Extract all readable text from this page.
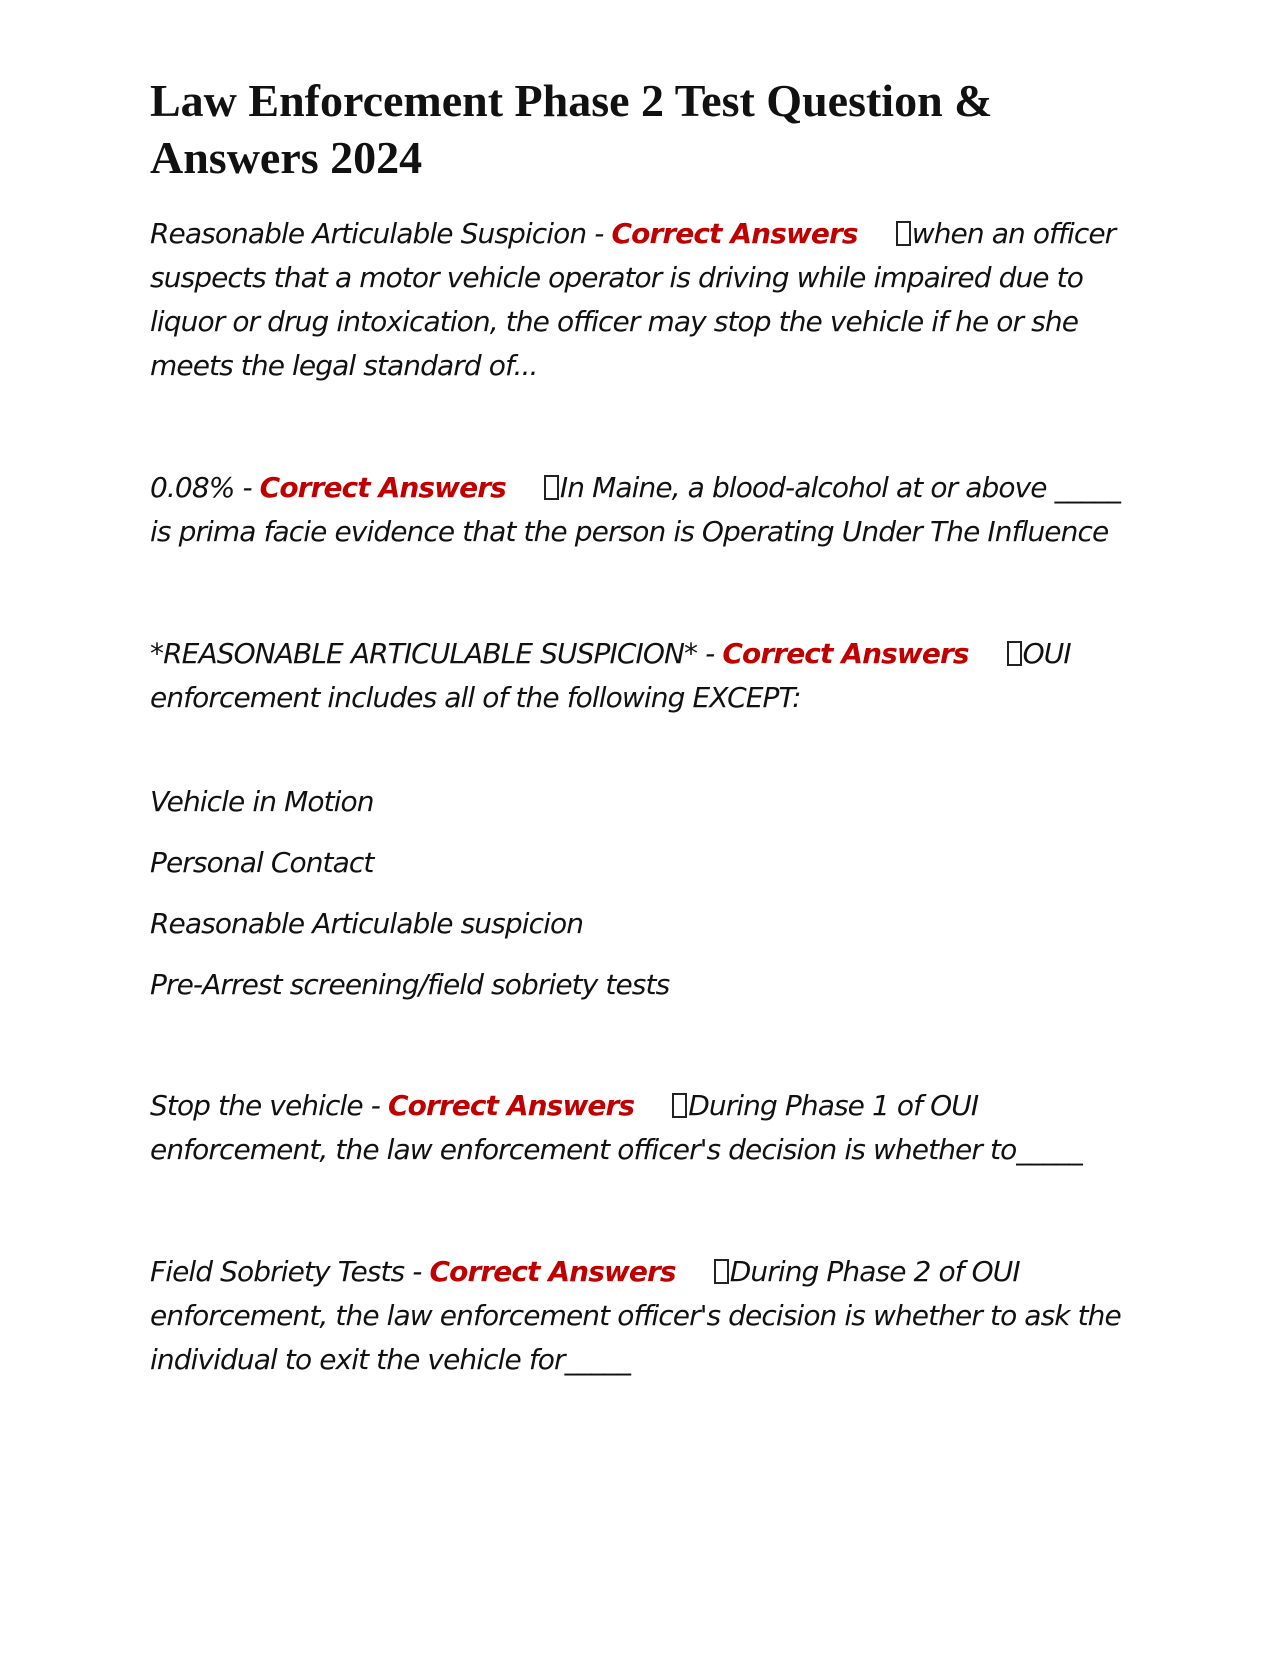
Law Enforcement Phase 2 Test Question & Answers 2024

Reasonable Articulable Suspicion - Correct Answers when an officer suspects that a motor vehicle operator is driving while impaired due to liquor or drug intoxication, the officer may stop the vehicle if he or she meets the legal standard of...

0.08% - Correct Answers In Maine, a blood-alcohol at or above _____ is prima facie evidence that the person is Operating Under The Influence

*REASONABLE ARTICULABLE SUSPICION* - Correct Answers OUI enforcement includes all of the following EXCEPT:

Vehicle in Motion

Personal Contact

Reasonable Articulable suspicion

Pre-Arrest screening/field sobriety tests

Stop the vehicle - Correct Answers During Phase 1 of OUI enforcement, the law enforcement officer's decision is whether to_____

Field Sobriety Tests - Correct Answers During Phase 2 of OUI enforcement, the law enforcement officer's decision is whether to ask the individual to exit the vehicle for_____
